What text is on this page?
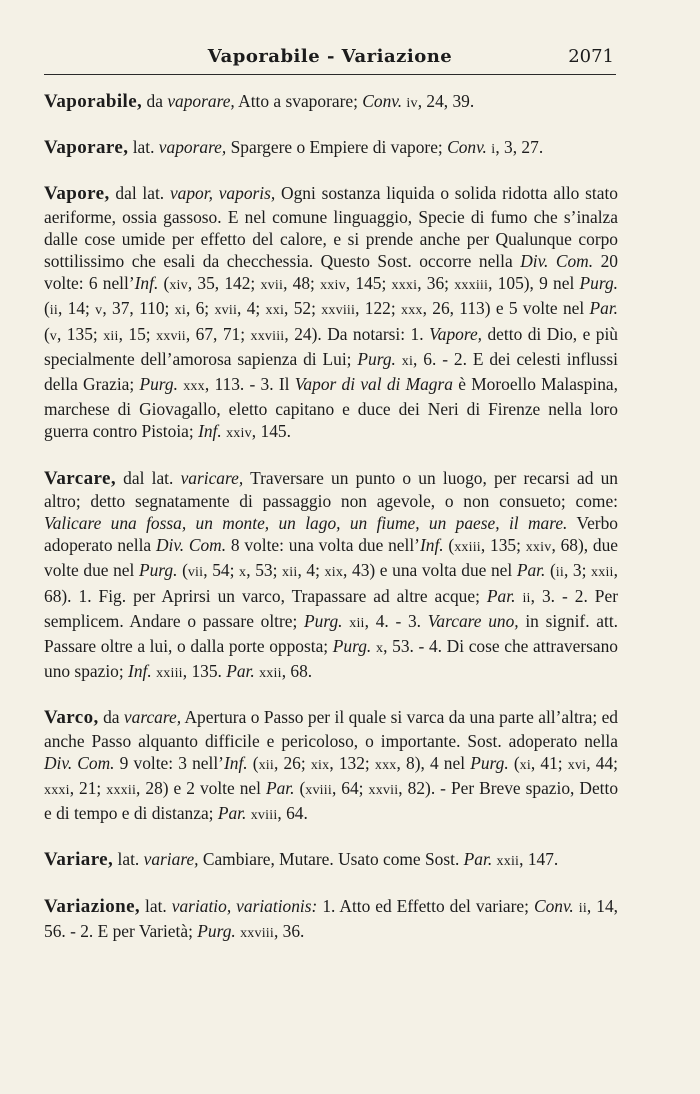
Vaporabile - Variazione	2071

Vaporabile, da vaporare, Atto a svaporare; Conv. iv, 24, 39.

Vaporare, lat. vaporare, Spargere o Empiere di vapore; Conv. i, 3, 27.

Vapore, dal lat. vapor, vaporis, Ogni sostanza liquida o solida ridotta allo stato aeriforme, ossia gassoso. E nel comune linguaggio, Specie di fumo che s’inalza dalle cose umide per effetto del calore, e si prende anche per Qualunque corpo sottilissimo che esali da checchessia. Questo Sost. occorre nella Div. Com. 20 volte: 6 nell’Inf. (xiv, 35, 142; xvii, 48; xxiv, 145; xxxi, 36; xxxiii, 105), 9 nel Purg. (ii, 14; v, 37, 110; xi, 6; xvii, 4; xxi, 52; xxviii, 122; xxx, 26, 113) e 5 volte nel Par. (v, 135; xii, 15; xxvii, 67, 71; xxviii, 24). Da notarsi: 1. Vapore, detto di Dio, e più specialmente dell’amorosa sapienza di Lui; Purg. xi, 6. - 2. E dei celesti influssi della Grazia; Purg. xxx, 113. - 3. Il Vapor di val di Magra è Moroello Malaspina, marchese di Giovagallo, eletto capitano e duce dei Neri di Firenze nella loro guerra contro Pistoia; Inf. xxiv, 145.

Varcare, dal lat. varicare, Traversare un punto o un luogo, per recarsi ad un altro; detto segnatamente di passaggio non agevole, o non consueto; come: Valicare una fossa, un monte, un lago, un fiume, un paese, il mare. Verbo adoperato nella Div. Com. 8 volte: una volta due nell’Inf. (xxiii, 135; xxiv, 68), due volte due nel Purg. (vii, 54; x, 53; xii, 4; xix, 43) e una volta due nel Par. (ii, 3; xxii, 68). 1. Fig. per Aprirsi un varco, Trapassare ad altre acque; Par. ii, 3. - 2. Per semplicem. Andare o passare oltre; Purg. xii, 4. - 3. Varcare uno, in signif. att. Passare oltre a lui, o dalla porte opposta; Purg. x, 53. - 4. Di cose che attraversano uno spazio; Inf. xxiii, 135. Par. xxii, 68.

Varco, da varcare, Apertura o Passo per il quale si varca da una parte all’altra; ed anche Passo alquanto difficile e pericoloso, o importante. Sost. adoperato nella Div. Com. 9 volte: 3 nell’Inf. (xii, 26; xix, 132; xxx, 8), 4 nel Purg. (xi, 41; xvi, 44; xxxi, 21; xxxii, 28) e 2 volte nel Par. (xviii, 64; xxvii, 82). - Per Breve spazio, Detto e di tempo e di distanza; Par. xviii, 64.

Variare, lat. variare, Cambiare, Mutare. Usato come Sost. Par. xxii, 147.

Variazione, lat. variatio, variationis: 1. Atto ed Effetto del variare; Conv. ii, 14, 56. - 2. E per Varietà; Purg. xxviii, 36.
